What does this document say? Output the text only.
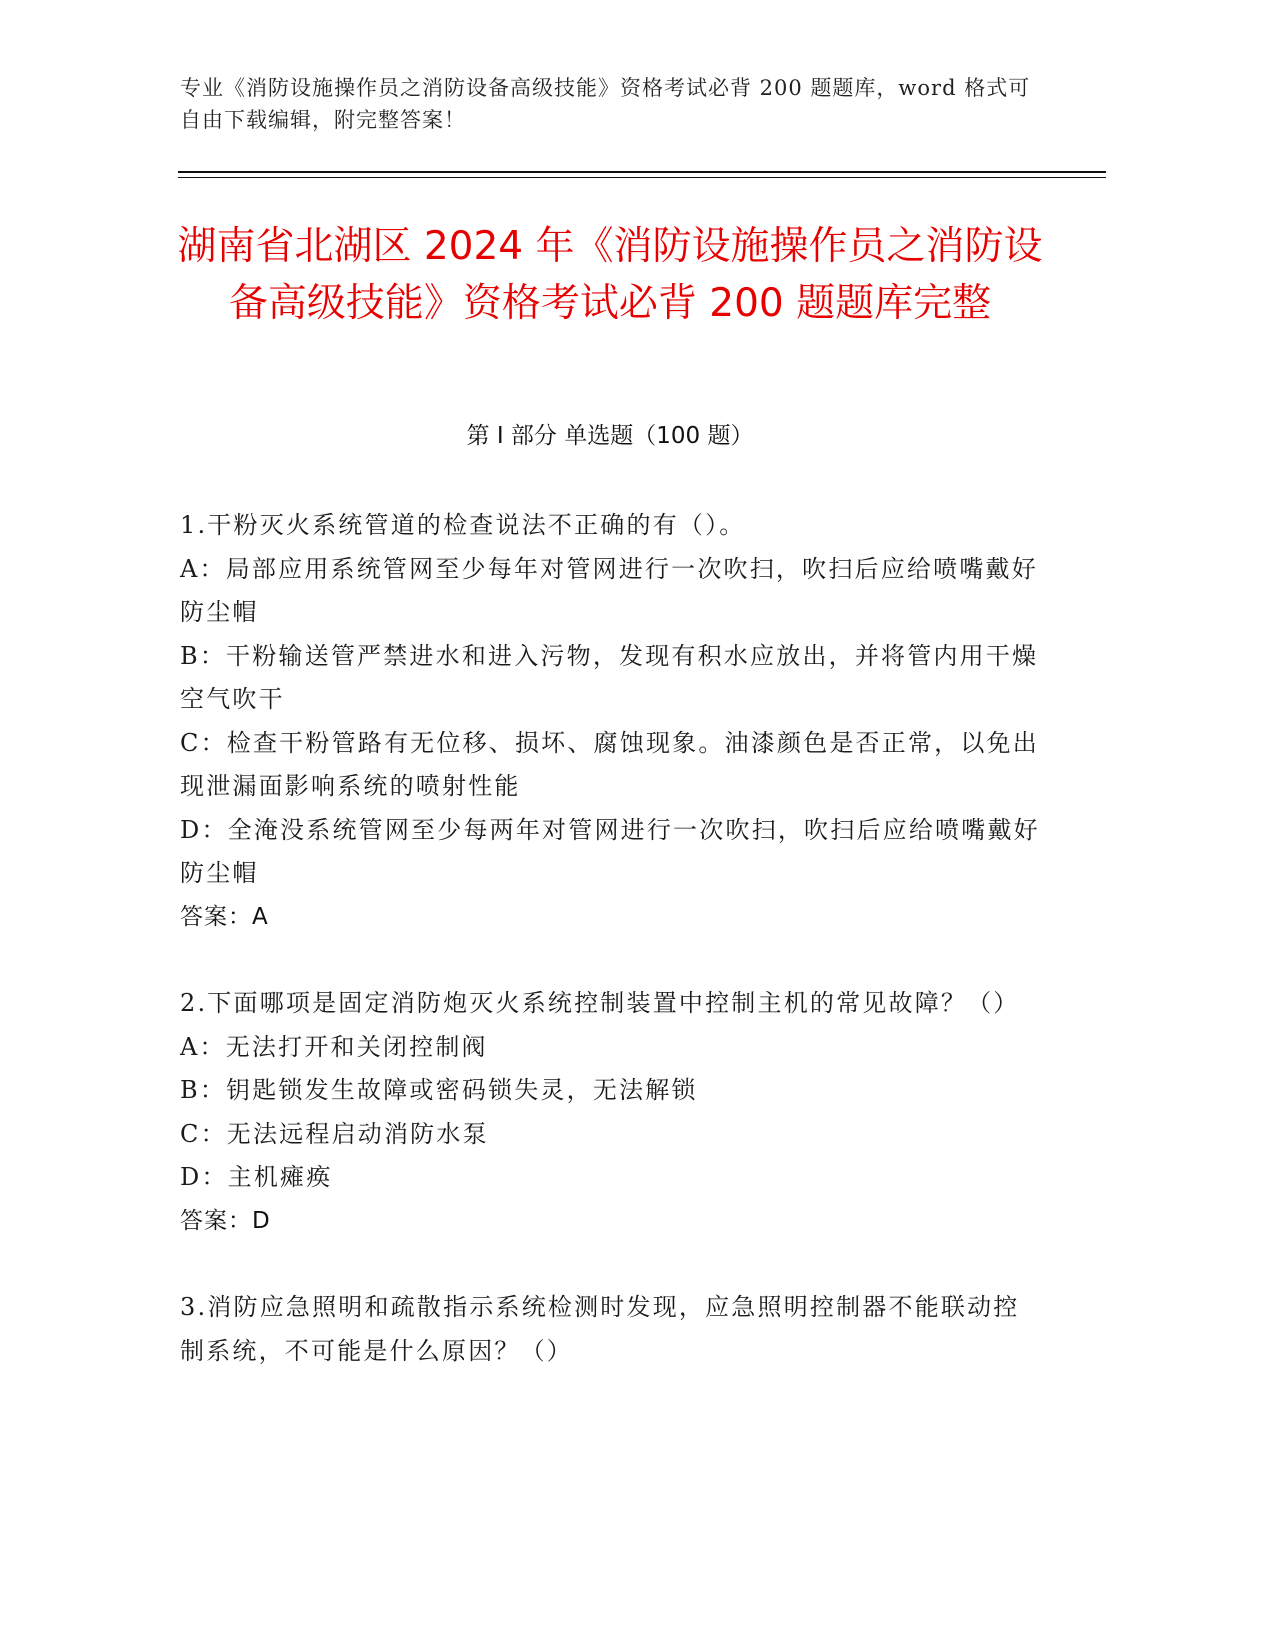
专业《消防设施操作员之消防设备高级技能》资格考试必背 200 题题库，word 格式可自由下载编辑，附完整答案！
湖南省北湖区 2024 年《消防设施操作员之消防设备高级技能》资格考试必背 200 题题库完整
第 I 部分 单选题（100 题）

1.干粉灭火系统管道的检查说法不正确的有（）。

A：局部应用系统管网至少每年对管网进行一次吹扫，吹扫后应给喷嘴戴好防尘帽

B：干粉输送管严禁进水和进入污物，发现有积水应放出，并将管内用干燥空气吹干

C：检查干粉管路有无位移、损坏、腐蚀现象。油漆颜色是否正常，以免出现泄漏面影响系统的喷射性能

D：全淹没系统管网至少每两年对管网进行一次吹扫，吹扫后应给喷嘴戴好防尘帽

答案：A

2.下面哪项是固定消防炮灭火系统控制装置中控制主机的常见故障？（）

A：无法打开和关闭控制阀

B：钥匙锁发生故障或密码锁失灵，无法解锁

C：无法远程启动消防水泵

D：主机瘫痪

答案：D

3.消防应急照明和疏散指示系统检测时发现，应急照明控制器不能联动控制系统，不可能是什么原因？（）
